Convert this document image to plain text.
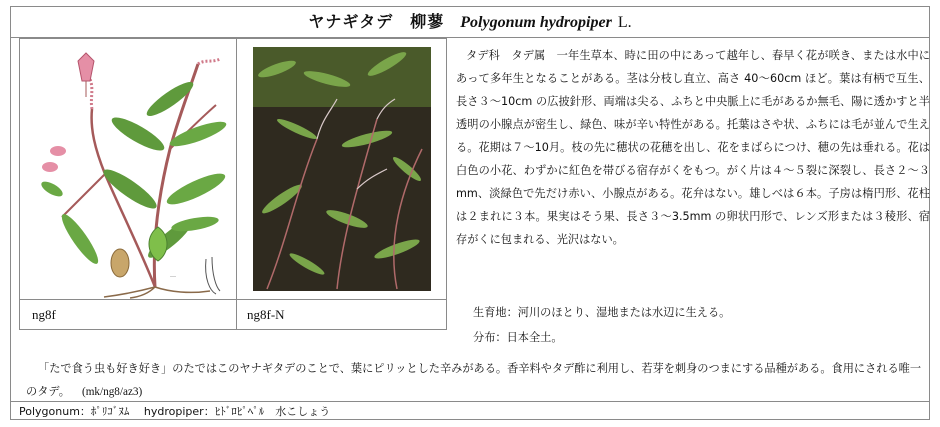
ヤナギタデ　柳蓼 Polygonum hydropiper L.
…
ng8f	ng8f-N
タデ科　タデ属　一年生草本、時に田の中にあって越年し、春早く花が咲き、または水中にあって多年生となることがある。茎は分枝し直立、高さ 40～60cm ほど。葉は有柄で互生、長さ３～10cm の広披針形、両端は尖る、ふちと中央脈上に毛があるか無毛、陽に透かすと半透明の小腺点が密生し、緑色、味が辛い特性がある。托葉はさや状、ふちには毛が並んで生える。花期は７～10月。枝の先に穂状の花穂を出し、花をまばらにつけ、穂の先は垂れる。花は白色の小花、わずかに紅色を帯びる宿存がくをもつ。がく片は４～５裂に深裂し、長さ２～３mm、淡緑色で先だけ赤い、小腺点がある。花弁はない。雄しべは６本。子房は楕円形、花柱は２まれに３本。果実はそう果、長さ３～3.5mm の卵状円形で、レンズ形または３稜形、宿存がくに包まれる、光沢はない。
生育地：河川のほとり、湿地または水辺に生える。
分布：日本全土。
「たで食う虫も好き好き」のたではこのヤナギタデのことで、葉にピリッとした辛みがある。香辛料やタデ酢に利用し、若芽を刺身のつまにする品種がある。食用にされる唯一のタデ。 (mk/ng8/az3)
Polygonum：ﾎﾟﾘｺﾞﾇﾑ　 hydropiper：ﾋﾄﾞﾛﾋﾟﾍﾟﾙ　水こしょう
